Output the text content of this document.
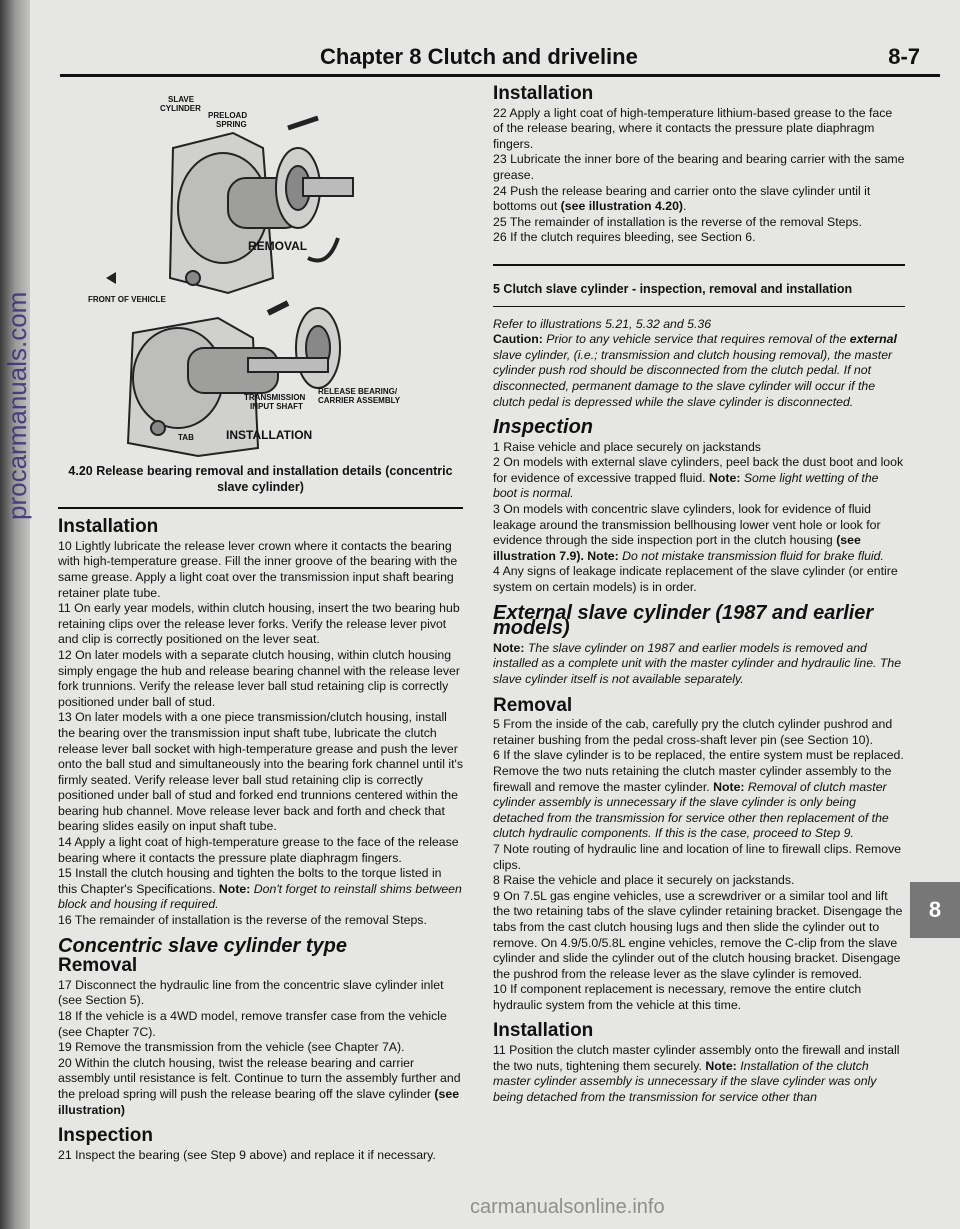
procarmanuals.com
Chapter 8 Clutch and driveline	8-7
SLAVE
CYLINDER
PRELOAD
SPRING
REMOVAL
FRONT OF VEHICLE
TRANSMISSION
INPUT SHAFT
RELEASE BEARING/
CARRIER ASSEMBLY
TAB	INSTALLATION

4.20 Release bearing removal and installation details (concentric slave cylinder)

Installation

10 Lightly lubricate the release lever crown where it contacts the bearing with high-temperature grease. Fill the inner groove of the bearing with the same grease. Apply a light coat over the transmission input shaft bearing retainer plate tube.

11 On early year models, within clutch housing, insert the two bearing hub retaining clips over the release lever forks. Verify the release lever pivot and clip is correctly positioned on the lever seat.

12 On later models with a separate clutch housing, within clutch housing simply engage the hub and release bearing channel with the release lever fork trunnions. Verify the release lever ball stud retaining clip is correctly positioned under ball of stud.

13 On later models with a one piece transmission/clutch housing, install the bearing over the transmission input shaft tube, lubricate the clutch release lever ball socket with high-temperature grease and push the lever onto the ball stud and simultaneously into the bearing fork channel until it's firmly seated. Verify release lever ball stud retaining clip is correctly positioned under ball of stud and forked end trunnions centered within the bearing hub channel. Move release lever back and forth and check that bearing slides easily on input shaft tube.

14 Apply a light coat of high-temperature grease to the face of the release bearing where it contacts the pressure plate diaphragm fingers.

15 Install the clutch housing and tighten the bolts to the torque listed in this Chapter's Specifications. Note: Don't forget to reinstall shims between block and housing if required.

16 The remainder of installation is the reverse of the removal Steps.

Concentric slave cylinder type
Removal

17 Disconnect the hydraulic line from the concentric slave cylinder inlet (see Section 5).

18 If the vehicle is a 4WD model, remove transfer case from the vehicle (see Chapter 7C).

19 Remove the transmission from the vehicle (see Chapter 7A).

20 Within the clutch housing, twist the release bearing and carrier assembly until resistance is felt. Continue to turn the assembly further and the preload spring will push the release bearing off the slave cylinder (see illustration)

Inspection

21 Inspect the bearing (see Step 9 above) and replace it if necessary.

Installation

22 Apply a light coat of high-temperature lithium-based grease to the face of the release bearing, where it contacts the pressure plate diaphragm fingers.

23 Lubricate the inner bore of the bearing and bearing carrier with the same grease.

24 Push the release bearing and carrier onto the slave cylinder until it bottoms out (see illustration 4.20).

25 The remainder of installation is the reverse of the removal Steps.

26 If the clutch requires bleeding, see Section 6.

5 Clutch slave cylinder - inspection, removal and installation

Refer to illustrations 5.21, 5.32 and 5.36

Caution: Prior to any vehicle service that requires removal of the external slave cylinder, (i.e.; transmission and clutch housing removal), the master cylinder push rod should be disconnected from the clutch pedal. If not disconnected, permanent damage to the slave cylinder will occur if the clutch pedal is depressed while the slave cylinder is disconnected.

Inspection

1 Raise vehicle and place securely on jackstands

2 On models with external slave cylinders, peel back the dust boot and look for evidence of excessive trapped fluid. Note: Some light wetting of the boot is normal.

3 On models with concentric slave cylinders, look for evidence of fluid leakage around the transmission bellhousing lower vent hole or look for evidence through the side inspection port in the clutch housing (see illustration 7.9). Note: Do not mistake transmission fluid for brake fluid.

4 Any signs of leakage indicate replacement of the slave cylinder (or entire system on certain models) is in order.

External slave cylinder (1987 and earlier models)

Note: The slave cylinder on 1987 and earlier models is removed and installed as a complete unit with the master cylinder and hydraulic line. The slave cylinder itself is not available separately.

Removal

5 From the inside of the cab, carefully pry the clutch cylinder pushrod and retainer bushing from the pedal cross-shaft lever pin (see Section 10).

6 If the slave cylinder is to be replaced, the entire system must be replaced. Remove the two nuts retaining the clutch master cylinder assembly to the firewall and remove the master cylinder. Note: Removal of clutch master cylinder assembly is unnecessary if the slave cylinder is only being detached from the transmission for service other then replacement of the clutch hydraulic components. If this is the case, proceed to Step 9.

7 Note routing of hydraulic line and location of line to firewall clips. Remove clips.

8 Raise the vehicle and place it securely on jackstands.

9 On 7.5L gas engine vehicles, use a screwdriver or a similar tool and lift the two retaining tabs of the slave cylinder retaining bracket. Disengage the tabs from the cast clutch housing lugs and then slide the cylinder out to remove. On 4.9/5.0/5.8L engine vehicles, remove the C-clip from the slave cylinder and slide the cylinder out of the clutch housing bracket. Disengage the pushrod from the release lever as the slave cylinder is removed.

10 If component replacement is necessary, remove the entire clutch hydraulic system from the vehicle at this time.

Installation

11 Position the clutch master cylinder assembly onto the firewall and install the two nuts, tightening them securely. Note: Installation of the clutch master cylinder assembly is unnecessary if the slave cylinder was only being detached from the transmission for service other than

8
carmanualsonline.info
